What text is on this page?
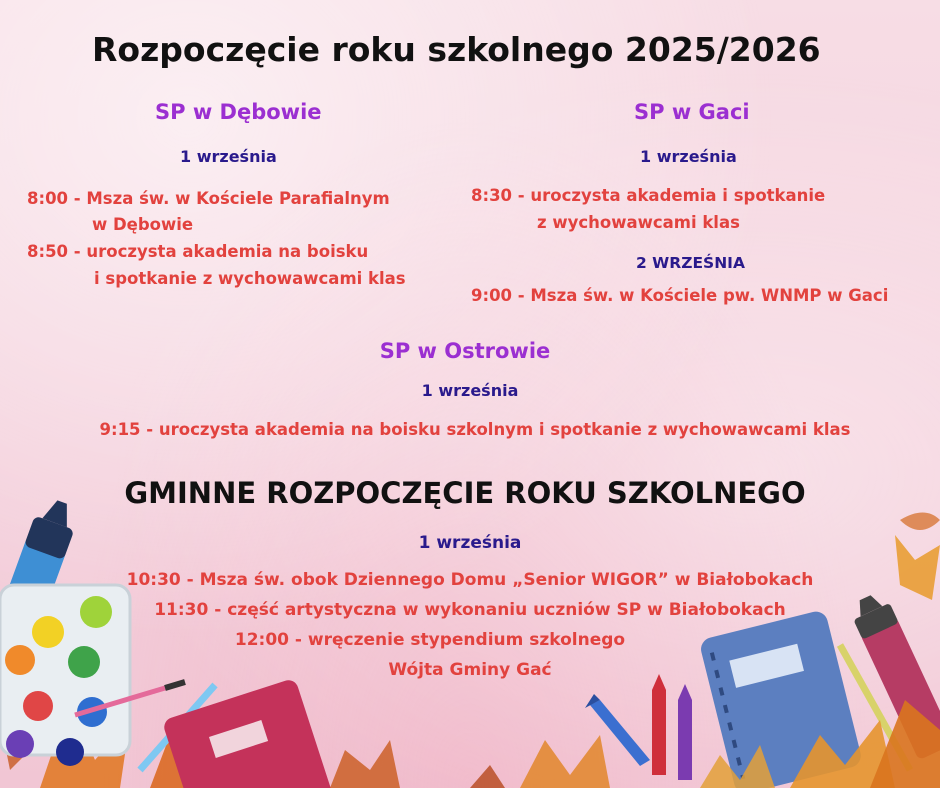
Rozpoczęcie roku szkolnego 2025/2026
SP w Dębowie
1 września
8:00 - Msza św. w Kościele Parafialnym
w Dębowie
8:50 - uroczysta akademia na boisku
i spotkanie z wychowawcami klas
SP w Gaci
1 września
8:30 - uroczysta akademia i spotkanie
z wychowawcami klas
2 WRZEŚNIA
9:00 - Msza św. w Kościele pw. WNMP w Gaci
SP w Ostrowie
1 września
9:15 - uroczysta akademia na boisku szkolnym i spotkanie z wychowawcami klas
GMINNE ROZPOCZĘCIE ROKU SZKOLNEGO
1 września
10:30 - Msza św. obok Dziennego Domu „Senior WIGOR” w Białobokach
11:30 - część artystyczna w wykonaniu uczniów SP w Białobokach
12:00 - wręczenie stypendium szkolnego
Wójta Gminy Gać
